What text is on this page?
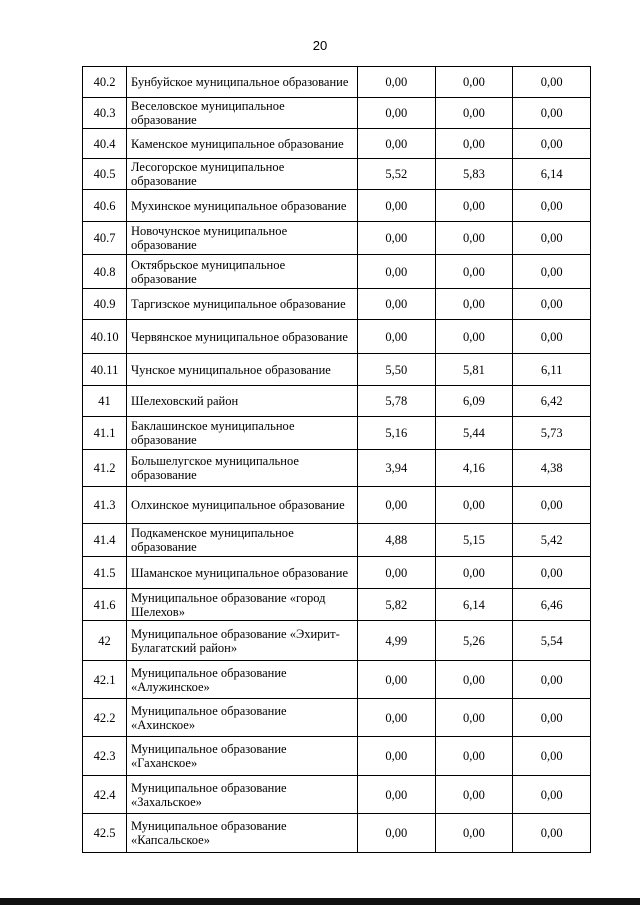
20
40.2	Бунбуйское муниципальное образование	0,00	0,00	0,00
40.3	Веселовское муниципальное образование	0,00	0,00	0,00
40.4	Каменское муниципальное образование	0,00	0,00	0,00
40.5	Лесогорское муниципальное образование	5,52	5,83	6,14
40.6	Мухинское муниципальное образование	0,00	0,00	0,00
40.7	Новочунское муниципальное образование	0,00	0,00	0,00
40.8	Октябрьское муниципальное образование	0,00	0,00	0,00
40.9	Таргизское муниципальное образование	0,00	0,00	0,00
40.10	Червянское муниципальное образование	0,00	0,00	0,00
40.11	Чунское муниципальное образование	5,50	5,81	6,11
41	Шелеховский район	5,78	6,09	6,42
41.1	Баклашинское муниципальное образование	5,16	5,44	5,73
41.2	Большелугское муниципальное образование	3,94	4,16	4,38
41.3	Олхинское муниципальное образование	0,00	0,00	0,00
41.4	Подкаменское муниципальное образование	4,88	5,15	5,42
41.5	Шаманское муниципальное образование	0,00	0,00	0,00
41.6	Муниципальное образование «город Шелехов»	5,82	6,14	6,46
42	Муниципальное образование «Эхирит-Булагатский район»	4,99	5,26	5,54
42.1	Муниципальное образование «Алужинское»	0,00	0,00	0,00
42.2	Муниципальное образование «Ахинское»	0,00	0,00	0,00
42.3	Муниципальное образование «Гаханское»	0,00	0,00	0,00
42.4	Муниципальное образование «Захальское»	0,00	0,00	0,00
42.5	Муниципальное образование «Капсальское»	0,00	0,00	0,00
